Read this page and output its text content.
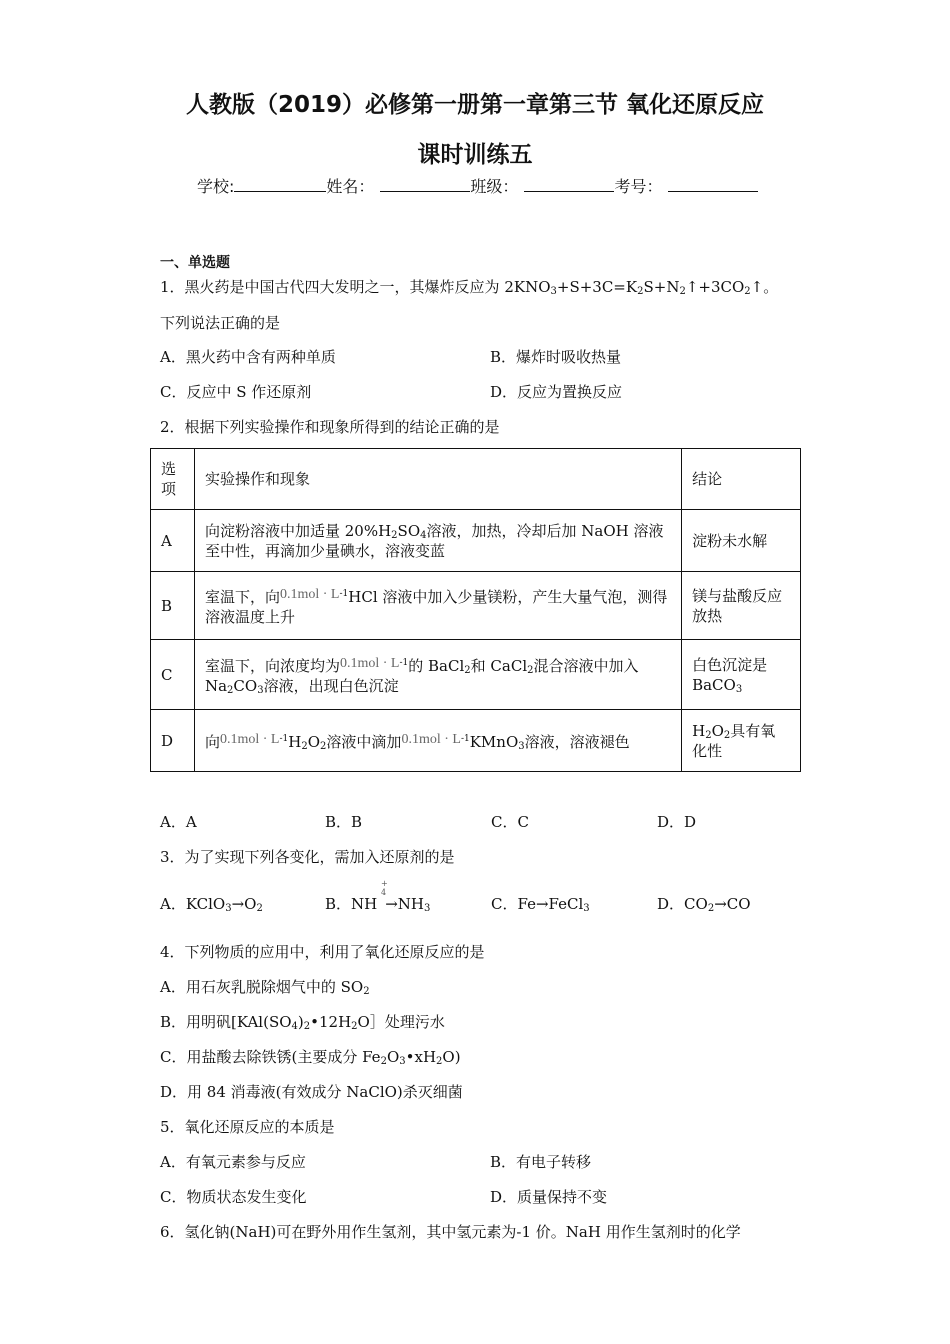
人教版（2019）必修第一册第一章第三节 氧化还原反应
课时训练五
学校:	姓名：	班级：	考号：
一、单选题
1．黑火药是中国古代四大发明之一，其爆炸反应为 $2KNO_3+S+3C=K_2S+N_2↑+3CO_2↑$。
下列说法正确的是
A．黑火药中含有两种单质	B．爆炸时吸收热量
C．反应中 S 作还原剂	D．反应为置换反应
2．根据下列实验操作和现象所得到的结论正确的是
选项	实验操作和现象	结论
A	向淀粉溶液中加适量 $20\%H_2SO_4$溶液，加热，冷却后加 NaOH 溶液至中性，再滴加少量碘水，溶液变蓝	淀粉未水解
B	室温下，向$0.1mol \cdot L^{-1}HCl$ 溶液中加入少量镁粉，产生大量气泡，测得溶液温度上升	镁与盐酸反应放热
C	室温下，向浓度均为$0.1mol \cdot L^{-1}$的 BaCl$_2$和 CaCl$_2$混合溶液中加入 $Na_2CO_3$溶液，出现白色沉淀	白色沉淀是 BaCO$_3$
D	向$0.1mol \cdot L^{-1}H_2O_2$溶液中滴加$0.1mol \cdot L^{-1}KMnO_3$溶液，溶液褪色	$H_2O_2$具有氧化性
A．A	B．B	C．C	D．D
3．为了实现下列各变化，需加入还原剂的是
A．$KClO_3\to O_2$	B．NH
+
4
$\to NH_3$	C．Fe→FeCl$_3$	D．$CO_2\to CO$
4．下列物质的应用中，利用了氧化还原反应的是
A．用石灰乳脱除烟气中的 $SO_2$
B．用明矾[$KAl(SO_4)_2•12H_2O]$处理污水
C．用盐酸去除铁锈(主要成分 $Fe_2O_3•xH_2O$)
D．用 84 消毒液(有效成分 NaClO)杀灭细菌
5．氧化还原反应的本质是
A．有氧元素参与反应	B．有电子转移
C．物质状态发生变化	D．质量保持不变
6．氢化钠(NaH)可在野外用作生氢剂，其中氢元素为-1 价。NaH 用作生氢剂时的化学
